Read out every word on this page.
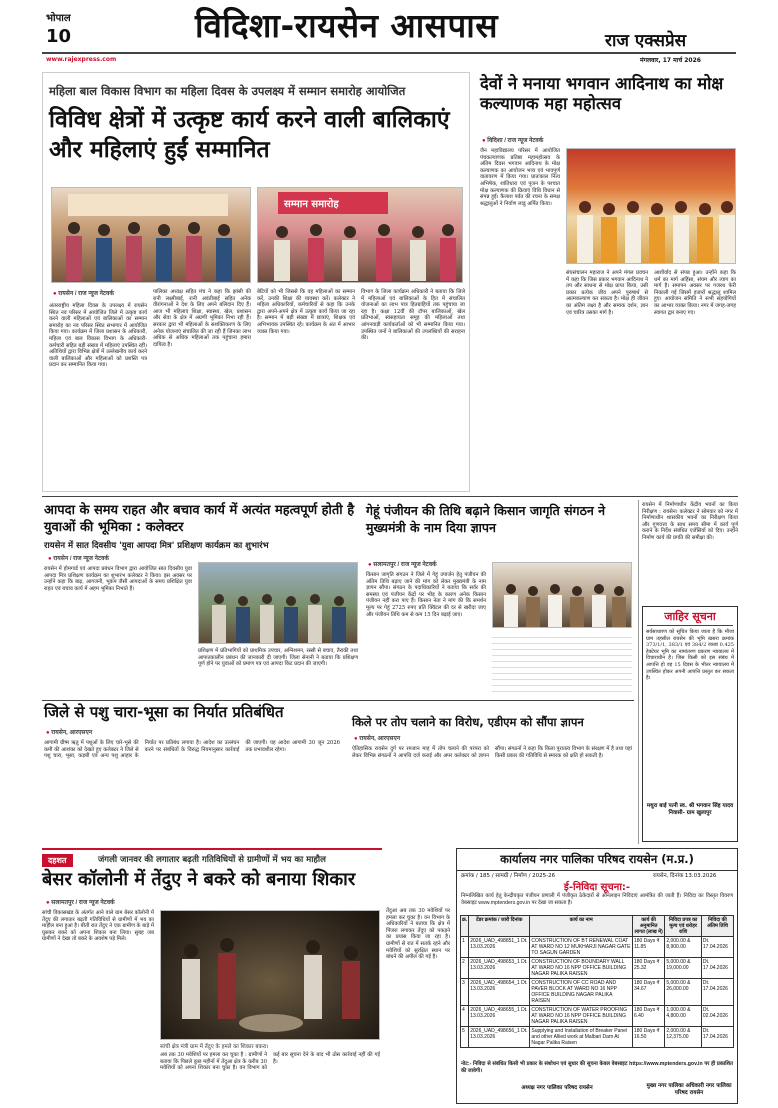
भोपाल
10	विदिशा-रायसेन आसपास	राज एक्सप्रेस
www.rajexpress.com	मंगलवार, 17 मार्च 2026
महिला बाल विकास विभाग का महिला दिवस के उपलक्ष्य में सम्मान समारोह आयोजित
विविध क्षेत्रों में उत्कृष्ट कार्य करने वाली बालिकाएं और महिलाएं हुईं सम्मानित
सम्मान समारोह
● रायसेन / राज न्यूज नेटवर्क
अंतरराष्ट्रीय महिला दिवस के उपलक्ष्य में रायसेन स्थित नव परिसर में आयोजित जिले में उत्कृष्ट कार्य करने वाली महिलाओं एवं बालिकाओं का सम्मान समारोह का नव परिसर स्थित सभागार में आयोजित किया गया। कार्यक्रम में जिला प्रशासन के अधिकारी, महिला एवं बाल विकास विभाग के अधिकारी-कर्मचारी सहित बड़ी संख्या में महिलाएं उपस्थित रहीं। अतिथियों द्वारा विभिन्न क्षेत्रों में उल्लेखनीय कार्य करने वाली बालिकाओं और महिलाओं को प्रशस्ति पत्र प्रदान कर सम्मानित किया गया।
पालिका अध्यक्ष सहित मंच ने कहा कि झांसी की रानी लक्ष्मीबाई, रानी अवंतीबाई सहित अनेक वीरांगनाओं ने देश के लिए अपने बलिदान दिए हैं। आज भी महिलाएं शिक्षा, स्वास्थ्य, खेल, प्रशासन और सेवा के क्षेत्र में अग्रणी भूमिका निभा रही हैं। सरकार द्वारा भी महिलाओं के सशक्तिकरण के लिए अनेक योजनाएं संचालित की जा रही हैं जिनका लाभ अधिक से अधिक महिलाओं तक पहुंचाना हमारा दायित्व है।
बेटियों को भी जिससे कि वह महिलाओं का सम्मान करें, उनकी शिक्षा की व्यवस्था करें। कलेक्टर ने महिला अधिकारियों, कर्मचारियों से कहा कि उनके द्वारा अपने-अपने क्षेत्र में उत्कृष्ट कार्य किया जा रहा है। सम्मान में बड़ी संख्या में छात्राएं, शिक्षक एवं अभिभावक उपस्थित रहे। कार्यक्रम के अंत में आभार व्यक्त किया गया।
विभाग के जिला कार्यक्रम अधिकारी ने बताया कि जिले में महिलाओं एवं बालिकाओं के हित में संचालित योजनाओं का लाभ पात्र हितग्राहियों तक पहुंचाया जा रहा है। कक्षा 12वीं की टॉपर बालिकाओं, खेल प्रतिभाओं, स्वसहायता समूह की महिलाओं तथा आंगनवाड़ी कार्यकर्ताओं को भी सम्मानित किया गया। उपस्थित जनों ने बालिकाओं की उपलब्धियों की सराहना की।
देवों ने मनाया भगवान आदिनाथ का मोक्ष कल्याणक महा महोत्सव
● विदिशा / राज न्यूज नेटवर्क
जैन महाविद्यालय परिसर में आयोजित पंचकल्याणक प्रतिष्ठा महामहोत्सव के अंतिम दिवस भगवान आदिनाथ के मोक्ष कल्याणक का आयोजन भव्य एवं भावपूर्ण वातावरण में किया गया। प्रातःकाल नित्य अभिषेक, शांतिधारा एवं पूजन के पश्चात मोक्ष कल्याणक की क्रियाएं विधि विधान से संपन्न हुईं। कैलाश पर्वत की रचना के समक्ष श्रद्धालुओं ने निर्वाण लाडू अर्पित किया।
संघसंचालन महाराज ने अपने मंगल प्रवचन में कहा कि जिस प्रकार भगवान आदिनाथ ने तप और साधना से मोक्ष प्राप्त किया, उसी प्रकार प्रत्येक जीव अपने पुरुषार्थ से आत्मकल्याण कर सकता है। मोक्ष ही जीवन का अंतिम लक्ष्य है और सम्यक दर्शन, ज्ञान एवं चारित्र उसका मार्ग है।
आशीर्वाद से संपन्न हुआ। उन्होंने कहा कि धर्म का मार्ग अहिंसा, संयम और त्याग का मार्ग है। समापन अवसर पर गजरथ फेरी निकाली गई जिसमें हजारों श्रद्धालु शामिल हुए। आयोजन समिति ने सभी सहयोगियों का आभार व्यक्त किया। नगर में जगह-जगह स्वागत द्वार बनाए गए।
आपदा के समय राहत और बचाव कार्य में अत्यंत महत्वपूर्ण होती है युवाओं की भूमिका : कलेक्टर
रायसेन में सात दिवसीय 'युवा आपदा मित्र' प्रशिक्षण कार्यक्रम का शुभारंभ
● रायसेन / राज न्यूज नेटवर्क
रायसेन में होमगार्ड एवं आपदा प्रबंधन विभाग द्वारा आयोजित सात दिवसीय युवा आपदा मित्र प्रशिक्षण कार्यक्रम का शुभारंभ कलेक्टर ने किया। इस अवसर पर उन्होंने कहा कि बाढ़, आगजनी, भूकंप जैसी आपदाओं के समय प्रशिक्षित युवा राहत एवं बचाव कार्य में अहम भूमिका निभाते हैं।
प्रशिक्षण में प्रतिभागियों को प्राथमिक उपचार, अग्निशमन, रस्सी से बचाव, तैराकी तथा आपातकालीन प्रबंधन की जानकारी दी जाएगी। जिला सेनानी ने बताया कि प्रशिक्षण पूर्ण होने पर युवाओं को प्रमाण पत्र एवं आपदा किट प्रदान की जाएगी।
गेहूं पंजीयन की तिथि बढ़ाने किसान जागृति संगठन ने मुख्यमंत्री के नाम दिया ज्ञापन
● सलामतपुर / राज न्यूज नेटवर्क
किसान जागृति संगठन ने जिले में गेहूं उपार्जन हेतु पंजीयन की अंतिम तिथि बढ़ाए जाने की मांग को लेकर मुख्यमंत्री के नाम ज्ञापन सौंपा। संगठन के पदाधिकारियों ने बताया कि सर्वर की समस्या एवं पंजीयन केंद्रों पर भीड़ के कारण अनेक किसान पंजीयन नहीं करा पाए हैं। किसान नेता ने मांग की कि समर्थन मूल्य पर गेहूं 2725 रुपए प्रति क्विंटल की दर से खरीदा जाए और पंजीयन तिथि कम से कम 15 दिन बढ़ाई जाए।
रायसेन में निर्माणाधीन केंद्रीय भवनों का किया निरीक्षण : रायसेन। कलेक्टर ने सोमवार को नगर में निर्माणाधीन शासकीय भवनों का निरीक्षण किया और गुणवत्ता के साथ समय सीमा में कार्य पूर्ण कराने के निर्देश संबंधित एजेंसियों को दिए। उन्होंने निर्माण कार्य की प्रगति की समीक्षा की।
जाहिर सूचना
सर्वसाधारण को सूचित किया जाता है कि मौजा ग्राम तहसील रायसेन की भूमि खसरा क्रमांक 373/1/1, 383/1 एवं 384/2 रकबा 0.425 हेक्टेयर भूमि का नामांतरण प्रकरण न्यायालय में विचाराधीन है। जिस किसी को इस संबंध में आपत्ति हो वह 15 दिवस के भीतर न्यायालय में उपस्थित होकर अपनी आपत्ति प्रस्तुत कर सकता है।
मथुरा बाई पत्नी स्व. श्री भगवान सिंह यादव निवासी- ग्राम खुलापुर
जिले से पशु चारा-भूसा का निर्यात प्रतिबंधित
● रायसेन, आरएसएन
आगामी ग्रीष्म ऋतु में पशुओं के लिए चारे-भूसे की कमी की आशंका को देखते हुए कलेक्टर ने जिले से पशु चारा, भूसा, कड़बी एवं अन्य पशु आहार के निर्यात पर प्रतिबंध लगाया है। आदेश का उल्लंघन करने पर संबंधितों के विरुद्ध नियमानुसार कार्रवाई की जाएगी। यह आदेश आगामी 30 जून 2026 तक प्रभावशील रहेगा।
किले पर तोप चलाने का विरोध, एडीएम को सौंपा ज्ञापन
● रायसेन, आरएसएन
ऐतिहासिक रायसेन दुर्ग पर रमजान माह में तोप चलाने की परंपरा को लेकर विभिन्न संगठनों ने आपत्ति दर्ज कराई और अपर कलेक्टर को ज्ञापन सौंपा। संगठनों ने कहा कि किला पुरातत्व विभाग के संरक्षण में है तथा यहां किसी प्रकार की गतिविधि से स्मारक को क्षति हो सकती है।
दहशत	जंगली जानवर की लगातार बढ़ती गतिविधियों से ग्रामीणों में भय का माहौल
बेसर कॉलोनी में तेंदुए ने बकरे को बनाया शिकार
● सलामतपुर / राज न्यूज नेटवर्क
सांची विकासखंड के अंतर्गत आने वाले ग्राम बेसर कॉलोनी में तेंदुए की लगातार बढ़ती गतिविधियों से ग्रामीणों में भय का माहौल बना हुआ है। बीती रात तेंदुए ने एक ग्रामीण के बाड़े में घुसकर बकरे को अपना शिकार बना लिया। सुबह जब ग्रामीणों ने देखा तो बकरे के अवशेष पड़े मिले।
सांची क्षेत्र मंत्री ग्राम में तेंदुए के हमले का शिकार बकरा।
अब तक 30 मवेशियों पर हमला कर चुका है : ग्रामीणों ने बताया कि पिछले कुछ महीनों में तेंदुआ क्षेत्र के करीब 30 मवेशियों को अपना शिकार बना चुका है। वन विभाग को कई बार सूचना देने के बाद भी ठोस कार्रवाई नहीं की गई है।
तेंदुआ अब तक 30 मवेशियों पर हमला कर चुका है। वन विभाग के अधिकारियों ने बताया कि क्षेत्र में पिंजरा लगाकर तेंदुए को पकड़ने का प्रयास किया जा रहा है। ग्रामीणों से रात में सतर्क रहने और मवेशियों को सुरक्षित स्थान पर बांधने की अपील की गई है।
कार्यालय नगर पालिका परिषद रायसेन (म.प्र.)
क्रमांक / 185 / सामग्री / निर्माण / 2025-26	रायसेन, दिनांक 13.03.2026
ई-निविदा सूचना:-
निम्नलिखित कार्य हेतु केन्द्रीयकृत पंजीयन प्रणाली में पंजीकृत ठेकेदारों से ऑनलाइन निविदाएं आमंत्रित की जाती हैं। निविदा का विस्तृत विवरण वेबसाइट www.mptenders.gov.in पर देखा जा सकता है।
क्र.	टेंडर क्रमांक / जारी दिनांक	कार्य का नाम	कार्य की अनुमानित लागत (लाख में)	निविदा प्रपत्र का मूल्य एवं धरोहर राशि	निविदा की अंतिम तिथि
1	2026_UAD_498851_1 Dt. 13.03.2026	CONSTRUCTION OF BT RENEWAL COAT AT WARD NO 12 MUKHARJI NAGAR GATE TO SAGUN GARDEN	180 Days ₹ 11.85	2,000.00 & 8,900.00	Dt. 17.04.2026
2	2026_UAD_498653_1 Dt. 13.03.2026	CONSTRUCTION OF BOUNDARY WALL AT WARD NO 16 NPP OFFICE BUILDING NAGAR PALIKA RAISEN	180 Days ₹ 25.32	5,000.00 & 19,000.00	Dt. 17.04.2026
3	2026_UAD_498654_1 Dt. 13.03.2026	CONSTRUCTION OF CC ROAD AND PAVER BLOCK AT WARD NO 16 NPP OFFICE BUILDING NAGAR PALIKA RAISEN	180 Days ₹ 34.67	5,000.00 & 26,000.00	Dt. 17.04.2026
4	2026_UAD_498655_1 Dt. 13.03.2026	CONSTRUCTION OF WATER PROOFING AT WARD NO 16 NPP OFFICE BUILDING NAGAR PALIKA RAISEN	180 Days ₹ 6.40	1,000.00 & 4,800.00	Dt. 02.04.2026
5	2026_UAD_498656_1 Dt. 13.03.2026	Supplying and Installation of Breaker Panel and other Allied work at Malbari Dam At Nagar Palika Raisen	180 Days ₹ 16.50	2,000.00 & 12,375.00	Dt. 17.04.2026
नोट:- निविदा से संबंधित किसी भी प्रकार के संशोधन एवं सुधार की सूचना केवल वेबसाइट https://www.mptenders.gov.in पर ही प्रकाशित की जावेगी।
अध्यक्ष नगर पालिका परिषद रायसेन	मुख्य नगर पालिका अधिकारी नगर पालिका परिषद रायसेन
